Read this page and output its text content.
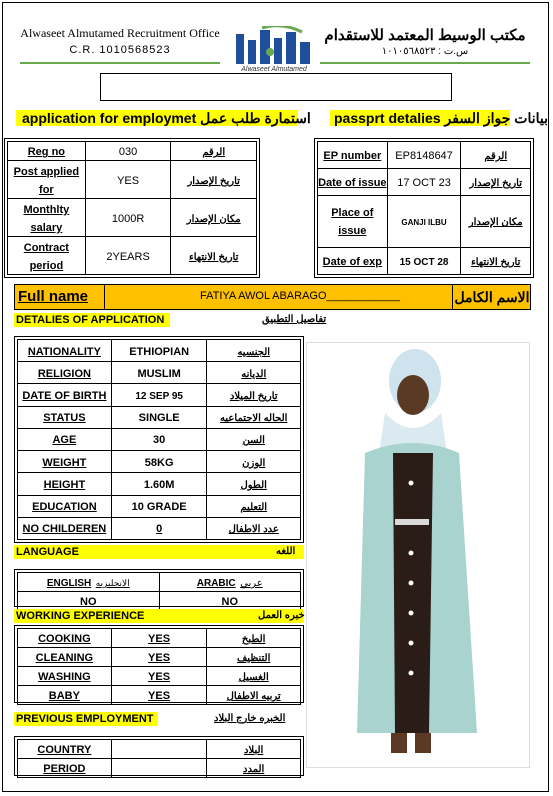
Alwaseet Almutamed Recruitment Office
C.R. 1010568523
Alwaseet Almutamed
مكتب الوسيط المعتمد للاستقدام
س.ت : ١٠١٠٥٦٨٥٢٣
application for employmet استمارة طلب عمل passprt detalies بيانات جواز السفر
Reg no	030	الرقم
Post applied for	YES	تاريخ الإصدار
Monthlty salary	1000R	مكان الإصدار
Contract period	2YEARS	تاريخ الانتهاء
EP number	EP8148647	الرقم
Date of issue	17 OCT 23	تاريخ الإصدار
Place of issue	GANJI ILBU	مكان الإصدار
Date of exp	15 OCT 28	تاريخ الانتهاء
Full name	FATIYA AWOL ABARAGO____________	الاسم الكامل
DETALIES OF APPLICATION	تفاصيل التطبيق
NATIONALITY	ETHIOPIAN	الجنسيه
RELIGION	MUSLIM	الديانه
DATE OF BIRTH	12 SEP 95	تاريخ الميلاد
STATUS	SINGLE	الحاله الاجتماعيه
AGE	30	السن
WEIGHT	58KG	الوزن
HEIGHT	1.60M	الطول
EDUCATION	10 GRADE	التعليم
NO CHILDEREN	0	عدد الاطفال
LANGUAGE	اللغه
ENGLISH الانجليزيه	ARABIC عربي
NO	NO
WORKING EXPERIENCE	خبره العمل
COOKING	YES	الطبخ
CLEANING	YES	التنظيف
WASHING	YES	الغسيل
BABY	YES	تربيه الاطفال
PREVIOUS EMPLOYMENT	الخبره خارج البلاد
COUNTRY		البلاد
PERIOD		المدد
